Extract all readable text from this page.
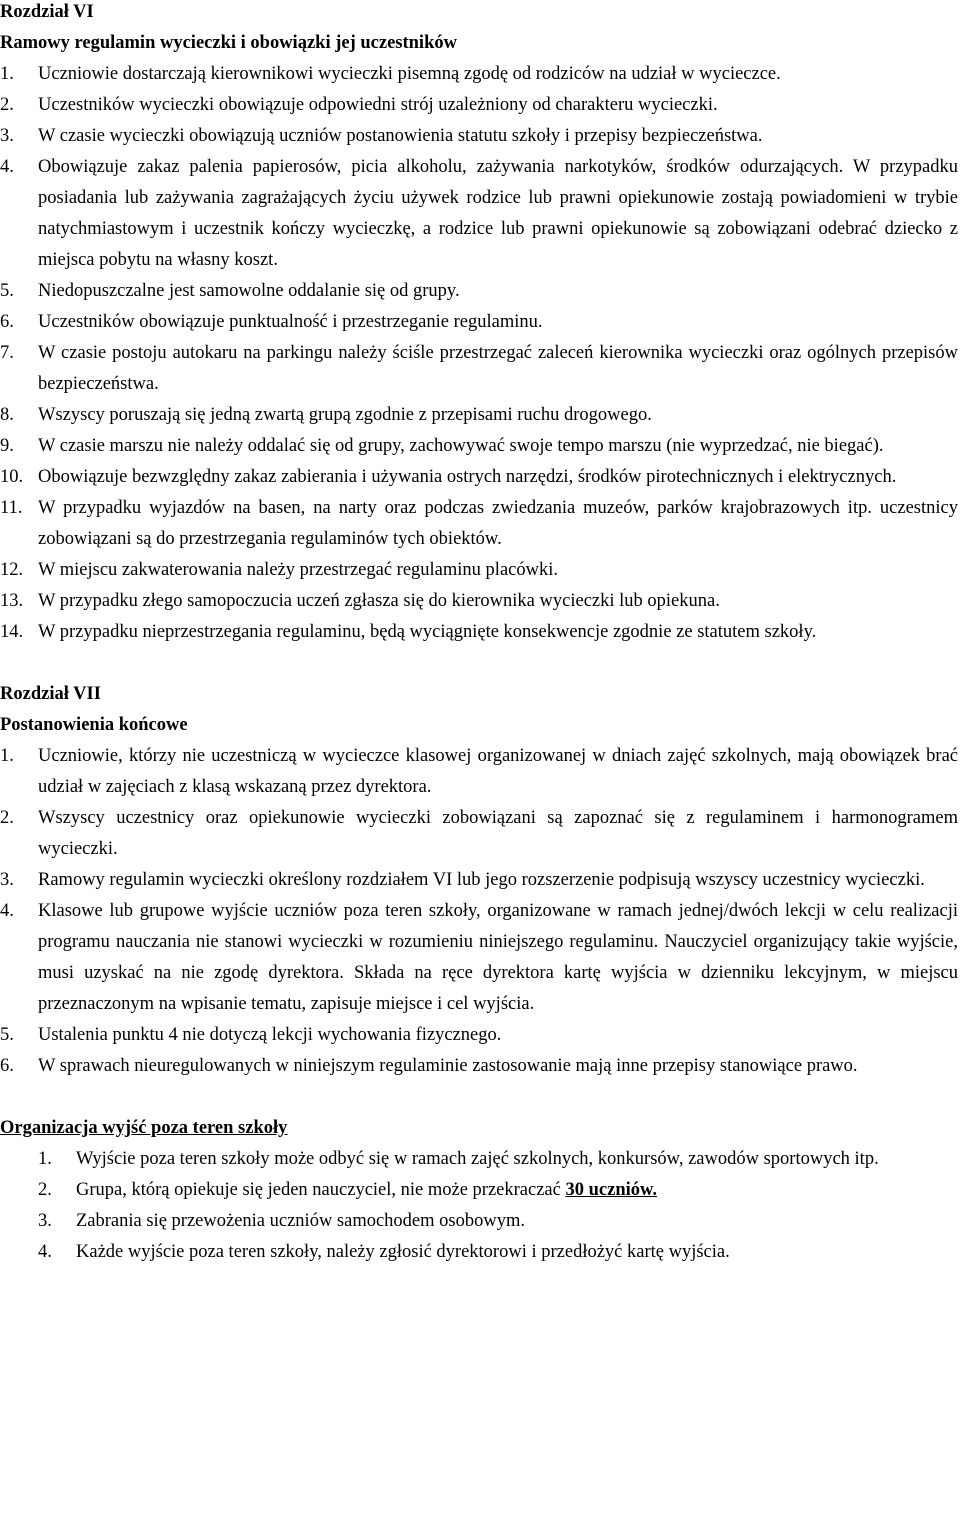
Rozdział VI

Ramowy regulamin wycieczki i obowiązki jej uczestników

1. Uczniowie dostarczają kierownikowi wycieczki pisemną zgodę od rodziców na udział w wycieczce.
2. Uczestników wycieczki obowiązuje odpowiedni strój uzależniony od charakteru wycieczki.
3. W czasie wycieczki obowiązują uczniów postanowienia statutu szkoły i przepisy bezpieczeństwa.
4. Obowiązuje zakaz palenia papierosów, picia alkoholu, zażywania narkotyków, środków odurzających. W przypadku posiadania lub zażywania zagrażających życiu używek rodzice lub prawni opiekunowie zostają powiadomieni w trybie natychmiastowym i uczestnik kończy wycieczkę, a rodzice lub prawni opiekunowie są zobowiązani odebrać dziecko z miejsca pobytu na własny koszt.
5. Niedopuszczalne jest samowolne oddalanie się od grupy.
6. Uczestników obowiązuje punktualność i przestrzeganie regulaminu.
7. W czasie postoju autokaru na parkingu należy ściśle przestrzegać zaleceń kierownika wycieczki oraz ogólnych przepisów bezpieczeństwa.
8. Wszyscy poruszają się jedną zwartą grupą zgodnie z przepisami ruchu drogowego.
9. W czasie marszu nie należy oddalać się od grupy, zachowywać swoje tempo marszu (nie wyprzedzać, nie biegać).
10. Obowiązuje bezwzględny zakaz zabierania i używania ostrych narzędzi, środków pirotechnicznych i elektrycznych.
11. W przypadku wyjazdów na basen, na narty oraz podczas zwiedzania muzeów, parków krajobrazowych itp. uczestnicy zobowiązani są do przestrzegania regulaminów tych obiektów.
12. W miejscu zakwaterowania należy przestrzegać regulaminu placówki.
13. W przypadku złego samopoczucia uczeń zgłasza się do kierownika wycieczki lub opiekuna.
14. W przypadku nieprzestrzegania regulaminu, będą wyciągnięte konsekwencje zgodnie ze statutem szkoły.

Rozdział VII

Postanowienia końcowe

1. Uczniowie, którzy nie uczestniczą w wycieczce klasowej organizowanej w dniach zajęć szkolnych, mają obowiązek brać udział w zajęciach z klasą wskazaną przez dyrektora.
2. Wszyscy uczestnicy oraz opiekunowie wycieczki zobowiązani są zapoznać się z regulaminem i harmonogramem wycieczki.
3. Ramowy regulamin wycieczki określony rozdziałem VI lub jego rozszerzenie podpisują wszyscy uczestnicy wycieczki.
4. Klasowe lub grupowe wyjście uczniów poza teren szkoły, organizowane w ramach jednej/dwóch lekcji w celu realizacji programu nauczania nie stanowi wycieczki w rozumieniu niniejszego regulaminu. Nauczyciel organizujący takie wyjście, musi uzyskać na nie zgodę dyrektora. Składa na ręce dyrektora kartę wyjścia w dzienniku lekcyjnym, w miejscu przeznaczonym na wpisanie tematu, zapisuje miejsce i cel wyjścia.
5. Ustalenia punktu 4 nie dotyczą lekcji wychowania fizycznego.
6. W sprawach nieuregulowanych w niniejszym regulaminie zastosowanie mają inne przepisy stanowiące prawo.

Organizacja wyjść poza teren szkoły

1. Wyjście poza teren szkoły może odbyć się w ramach zajęć szkolnych, konkursów, zawodów sportowych itp.
2. Grupa, którą opiekuje się jeden nauczyciel, nie może przekraczać 30 uczniów.
3. Zabrania się przewożenia uczniów samochodem osobowym.
4. Każde wyjście poza teren szkoły, należy zgłosić dyrektorowi i przedłożyć kartę wyjścia.
